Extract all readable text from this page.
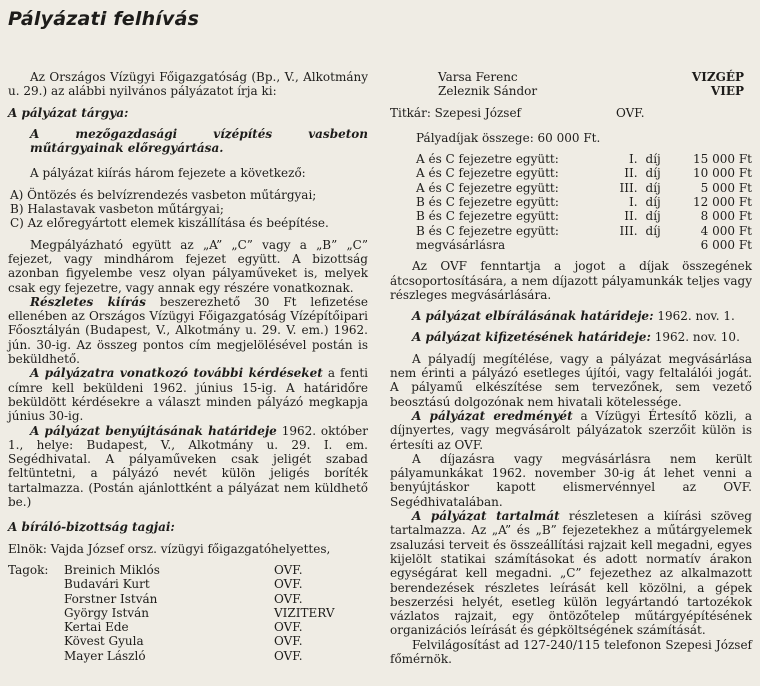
Pályázati felhívás

Az Országos Vízügyi Főigazgatóság (Bp., V., Alkotmány u. 29.) az alábbi nyilvános pályázatot írja ki:

A pályázat tárgya:

A mezőgazdasági vízépítés vasbeton műtárgyainak előregyártása.

A pályázat kiírás három fejezete a következő:

A) Öntözés és belvízrendezés vasbeton műtárgyai;

B) Halastavak vasbeton műtárgyai;

C) Az előregyártott elemek kiszállítása és beépítése.

Megpályázható együtt az „A” „C” vagy a „B” „C” fejezet, vagy mindhárom fejezet együtt. A bizottság azonban figyelembe vesz olyan pályaműveket is, melyek csak egy fejezetre, vagy annak egy részére vonatkoznak.

Részletes kiírás beszerezhető 30 Ft lefizetése ellenében az Országos Vízügyi Főigazgatóság Vízépítőipari Főosztályán (Budapest, V., Alkotmány u. 29. V. em.) 1962. jún. 30-ig. Az összeg pontos cím megjelölésével postán is beküldhető.

A pályázatra vonatkozó további kérdéseket a fenti címre kell beküldeni 1962. június 15-ig. A határidőre beküldött kérdésekre a választ minden pályázó megkapja június 30-ig.

A pályázat benyújtásának határideje 1962. október 1., helye: Budapest, V., Alkotmány u. 29. I. em. Segédhivatal. A pályaműveken csak jeligét szabad feltüntetni, a pályázó nevét külön jeligés boríték tartalmazza. (Postán ajánlottként a pályázat nem küldhető be.)

A bíráló-bizottság tagjai:

Elnök: Vajda József orsz. vízügyi főigazgatóhelyettes,

Tagok:	Breinich Miklós	OVF.
	Budavári Kurt	OVF.
	Forstner István	OVF.
	György István	VIZITERV
	Kertai Ede	OVF.
	Kövest Gyula	OVF.
	Mayer László	OVF.
Varsa Ferenc	VIZGÉP
Zeleznik Sándor	VIEP
Titkár: Szepesi József	OVF.

Pályadíjak összege: 60 000 Ft.

A és C fejezetre együtt:	I.	díj	15 000 Ft
A és C fejezetre együtt:	II.	díj	10 000 Ft
A és C fejezetre együtt:	III.	díj	5 000 Ft
B és C fejezetre együtt:	I.	díj	12 000 Ft
B és C fejezetre együtt:	II.	díj	8 000 Ft
B és C fejezetre együtt:	III.	díj	4 000 Ft
megvásárlásra			6 000 Ft

Az OVF fenntartja a jogot a díjak összegének átcsoportosítására, a nem díjazott pályamunkák teljes vagy részleges megvásárlására.

A pályázat elbírálásának határideje: 1962. nov. 1.

A pályázat kifizetésének határideje: 1962. nov. 10.

A pályadíj megítélése, vagy a pályázat megvásárlása nem érinti a pályázó esetleges újítói, vagy feltalálói jogát. A pályamű elkészítése sem tervezőnek, sem vezető beosztású dolgozónak nem hivatali kötelessége.

A pályázat eredményét a Vízügyi Értesítő közli, a díjnyertes, vagy megvásárolt pályázatok szerzőit külön is értesíti az OVF.

A díjazásra vagy megvásárlásra nem került pályamunkákat 1962. november 30-ig át lehet venni a benyújtáskor kapott elismervénnyel az OVF. Segédhivatalában.

A pályázat tartalmát részletesen a kiírási szöveg tartalmazza. Az „A” és „B” fejezetekhez a műtárgyelemek zsaluzási terveit és összeállítási rajzait kell megadni, egyes kijelölt statikai számításokat és adott normatív árakon egységárat kell megadni. „C” fejezethez az alkalmazott berendezések részletes leírását kell közölni, a gépek beszerzési helyét, esetleg külön legyártandó tartozékok vázlatos rajzait, egy öntözőtelep műtárgyépítésének organizációs leírását és gépköltségének számítását.

Felvilágosítást ad 127-240/115 telefonon Szepesi József főmérnök.
